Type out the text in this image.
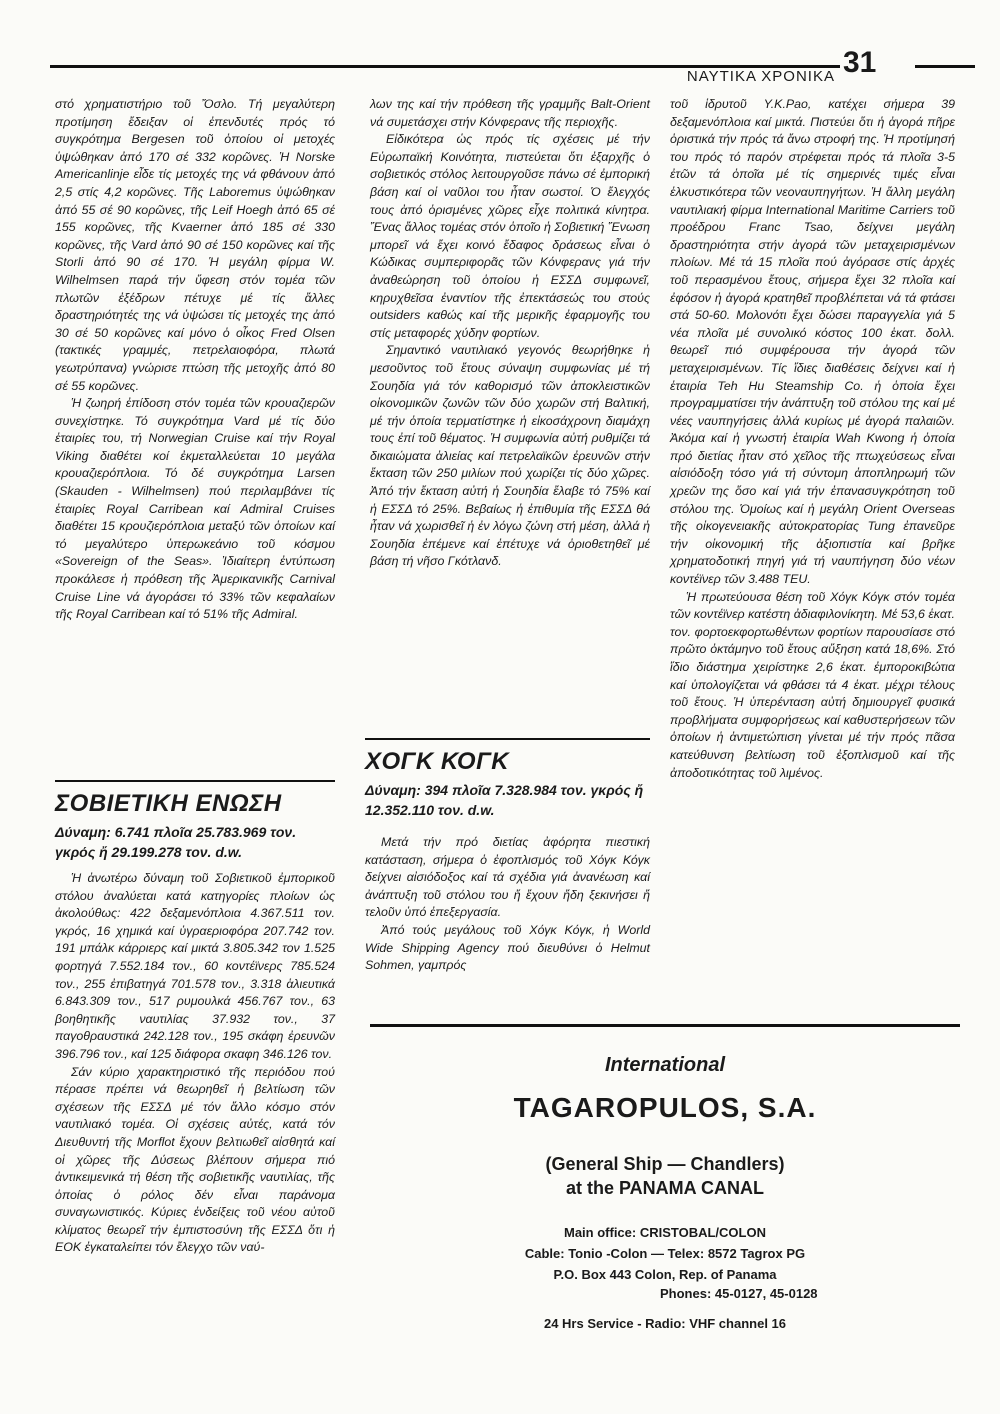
ΝΑΥΤΙΚΑ ΧΡΟΝΙΚΑ 31

στό χρηματιστήριο τοῦ Ὄσλο. Τή μεγαλύτερη προτίμηση ἔδειξαν οἱ ἐπενδυτές πρός τό συγκρότημα Bergesen τοῦ ὁποίου οἱ μετοχές ὑψώθηκαν ἀπό 170 σέ 332 κορῶνες. Ἡ Norske Americanlinje εἶδε τίς μετοχές της νά φθάνουν ἀπό 2,5 στίς 4,2 κορῶνες. Τῆς Laboremus ὑψώθηκαν ἀπό 55 σέ 90 κορῶνες, τῆς Leif Hoegh ἀπό 65 σέ 155 κορῶνες, τῆς Kvaerner ἀπό 185 σέ 330 κορῶνες, τῆς Vard ἀπό 90 σέ 150 κορῶνες καί τῆς Storli ἀπό 90 σέ 170. Ἡ μεγάλη φίρμα W. Wilhelmsen παρά τήν ὕφεση στόν τομέα τῶν πλωτῶν ἐξέδρων πέτυχε μέ τίς ἄλλες δραστηριότητές της νά ὑψώσει τίς μετοχές της ἀπό 30 σέ 50 κορῶνες καί μόνο ὁ οἶκος Fred Olsen (τακτικές γραμμές, πετρελαιοφόρα, πλωτά γεωτρύπανα) γνώρισε πτώση τῆς μετοχῆς ἀπό 80 σέ 55 κορῶνες.

Ἡ ζωηρή ἐπίδοση στόν τομέα τῶν κρουαζιερῶν συνεχίστηκε. Τό συγκρότημα Vard μέ τίς δύο ἑταιρίες του, τή Norwegian Cruise καί τήν Royal Viking διαθέτει κοί ἐκμεταλλεύεται 10 μεγάλα κρουαζιερόπλοια. Τό δέ συγκρότημα Larsen (Skauden - Wilhelmsen) πού περιλαμβάνει τίς ἑταιρίες Royal Carribean καί Admiral Cruises διαθέτει 15 κρουζιερόπλοια μεταξύ τῶν ὁποίων καί τό μεγαλύτερο ὑπερωκεάνιο τοῦ κόσμου «Sovereign of the Seas». Ἰδιαίτερη ἐντύπωση προκάλεσε ἡ πρόθεση τῆς Ἀμερικανικῆς Carnival Cruise Line νά ἀγοράσει τό 33% τῶν κεφαλαίων τῆς Royal Carribean καί τό 51% τῆς Admiral.

ΣΟΒΙΕΤΙΚΗ ΕΝΩΣΗ
Δύναμη: 6.741 πλοῖα 25.783.969 τον. γκρός ἤ 29.199.278 τον. d.w.

Ἡ ἀνωτέρω δύναμη τοῦ Σοβιετικοῦ ἐμπορικοῦ στόλου ἀναλύεται κατά κατηγορίες πλοίων ὡς ἀκολούθως: 422 δεξαμενόπλοια 4.367.511 τον. γκρός, 16 χημικά καί ὑγραεριοφόρα 207.742 τον. 191 μπάλκ κάρριερς καί μικτά 3.805.342 τον 1.525 φορτηγά 7.552.184 τον., 60 κοντέϊνερς 785.524 τον., 255 ἐπιβατηγά 701.578 τον., 3.318 ἁλιευτικά 6.843.309 τον., 517 ρυμουλκά 456.767 τον., 63 βοηθητικῆς ναυτιλίας 37.932 τον., 37 παγοθραυστικά 242.128 τον., 195 σκάφη ἐρευνῶν 396.796 τον., καί 125 διάφορα σκαφη 346.126 τον.

Σάν κύριο χαρακτηριστικό τῆς περιόδου πού πέρασε πρέπει νά θεωρηθεῖ ἡ βελτίωση τῶν σχέσεων τῆς ΕΣΣΔ μέ τόν ἄλλο κόσμο στόν ναυτιλιακό τομέα. Οἱ σχέσεις αὐτές, κατά τόν Διευθυντή τῆς Morflot ἔχουν βελτιωθεῖ αἰσθητά καί οἱ χῶρες τῆς Δύσεως βλέπουν σήμερα πιό ἀντικειμενικά τή θέση τῆς σοβιετικῆς ναυτιλίας, τῆς ὁποίας ὁ ρόλος δέν εἶναι παράνομα συναγωνιστικός. Κύριες ἐνδείξεις τοῦ νέου αὐτοῦ κλίματος θεωρεῖ τήν ἐμπιστοσύνη τῆς ΕΣΣΔ ὅτι ἡ ΕΟΚ ἐγκαταλείπει τόν ἔλεγχο τῶν ναύ-

λων της καί τήν πρόθεση τῆς γραμμῆς Balt-Orient νά συμετάσχει στήν Κόνφερανς τῆς περιοχῆς.

Εἰδικότερα ὡς πρός τίς σχέσεις μέ τήν Εὐρωπαϊκή Κοινότητα, πιστεύεται ὅτι ἐξαρχῆς ὁ σοβιετικός στόλος λειτουργοῦσε πάνω σέ ἐμπορική βάση καί οἱ ναῦλοι του ἦταν σωστοί. Ὁ ἔλεγχός τους ἀπό ὁρισμένες χῶρες εἶχε πολιτικά κίνητρα. Ἕνας ἄλλος τομέας στόν ὁποῖο ἡ Σοβιετική Ἕνωση μπορεῖ νά ἔχει κοινό ἔδαφος δράσεως εἶναι ὁ Κώδικας συμπεριφορᾶς τῶν Κόνφερανς γιά τήν ἀναθεώρηση τοῦ ὁποίου ἡ ΕΣΣΔ συμφωνεῖ, κηρυχθεῖσα ἐναντίον τῆς ἐπεκτάσεώς του στούς outsiders καθώς καί τῆς μερικῆς ἐφαρμογῆς του στίς μεταφορές χύδην φορτίων.

Σημαντικό ναυτιλιακό γεγονός θεωρήθηκε ἡ μεσοῦντος τοῦ ἔτους σύναψη συμφωνίας μέ τή Σουηδία γιά τόν καθορισμό τῶν ἀποκλειστικῶν οἰκονομικῶν ζωνῶν τῶν δύο χωρῶν στή Βαλτική, μέ τήν ὁποία τερματίστηκε ἡ εἰκοσάχρονη διαμάχη τους ἐπί τοῦ θέματος. Ἡ συμφωνία αὐτή ρυθμίζει τά δικαιώματα ἁλιείας καί πετρελαϊκῶν ἐρευνῶν στήν ἔκταση τῶν 250 μιλίων πού χωρίζει τίς δύο χῶρες. Ἀπό τήν ἔκταση αὐτή ἡ Σουηδία ἔλαβε τό 75% καί ἡ ΕΣΣΔ τό 25%. Βεβαίως ἡ ἐπιθυμία τῆς ΕΣΣΔ θά ἦταν νά χωρισθεῖ ἡ ἐν λόγω ζώνη στή μέση, ἀλλά ἡ Σουηδία ἐπέμενε καί ἐπέτυχε νά ὁριοθετηθεῖ μέ βάση τή νῆσο Γκότλανδ.

ΧΟΓΚ ΚΟΓΚ
Δύναμη: 394 πλοῖα 7.328.984 τον. γκρός ἤ 12.352.110 τον. d.w.

Μετά τήν πρό διετίας ἀφόρητα πιεστική κατάσταση, σήμερα ὁ ἐφοπλισμός τοῦ Χόγκ Κόγκ δείχνει αἰσιόδοξος καί τά σχέδια γιά ἀνανέωση καί ἀνάπτυξη τοῦ στόλου του ἤ ἔχουν ἤδη ξεκινήσει ἤ τελοῦν ὑπό ἐπεξεργασία.

Ἀπό τούς μεγάλους τοῦ Χόγκ Κόγκ, ἡ World Wide Shipping Agency πού διευθύνει ὁ Helmut Sohmen, γαμπρός

τοῦ ἱδρυτοῦ Υ.Κ.Pao, κατέχει σήμερα 39 δεξαμενόπλοια καί μικτά. Πιστεύει ὅτι ἡ ἀγορά πῆρε ὁριστικά τήν πρός τά ἄνω στροφή της. Ἡ προτίμησή του πρός τό παρόν στρέφεται πρός τά πλοῖα 3-5 ἐτῶν τά ὁποῖα μέ τίς σημερινές τιμές εἶναι ἑλκυστικότερα τῶν νεοναυπηγήτων. Ἡ ἄλλη μεγάλη ναυτιλιακή φίρμα International Maritime Carriers τοῦ προέδρου Franc Tsao, δείχνει μεγάλη δραστηριότητα στήν ἀγορά τῶν μεταχειρισμένων πλοίων. Μέ τά 15 πλοῖα πού ἀγόρασε στίς ἀρχές τοῦ περασμένου ἔτους, σήμερα ἔχει 32 πλοῖα καί ἐφόσον ἡ ἀγορά κρατηθεῖ προβλέπεται νά τά φτάσει στά 50-60. Μολονότι ἔχει δώσει παραγγελία γιά 5 νέα πλοῖα μέ συνολικό κόστος 100 ἑκατ. δολλ. θεωρεῖ πιό συμφέρουσα τήν ἀγορά τῶν μεταχειρισμένων. Τίς ἴδιες διαθέσεις δείχνει καί ἡ ἑταιρία Teh Hu Steamship Co. ἡ ὁποία ἔχει προγραμματίσει τήν ἀνάπτυξη τοῦ στόλου της καί μέ νέες ναυπηγήσεις ἀλλά κυρίως μέ ἀγορά παλαιῶν. Ἀκόμα καί ἡ γνωστή ἑταιρία Wah Kwong ἡ ὁποία πρό διετίας ἦταν στό χεῖλος τῆς πτωχεύσεως εἶναι αἰσιόδοξη τόσο γιά τή σύντομη ἀποπληρωμή τῶν χρεῶν της ὅσο καί γιά τήν ἐπανασυγκρότηση τοῦ στόλου της. Ὁμοίως καί ἡ μεγάλη Orient Overseas τῆς οἰκογενειακῆς αὐτοκρατορίας Tung ἐπανεῦρε τήν οἰκονομική τῆς ἀξιοπιστία καί βρῆκε χρηματοδοτική πηγή γιά τή ναυπήγηση δύο νέων κοντέϊνερ τῶν 3.488 TEU.

Ἡ πρωτεύουσα θέση τοῦ Χόγκ Κόγκ στόν τομέα τῶν κοντέϊνερ κατέστη ἀδιαφιλονίκητη. Μέ 53,6 ἑκατ. τον. φορτοεκφορτωθέντων φορτίων παρουσίασε στό πρῶτο ὀκτάμηνο τοῦ ἔτους αὔξηση κατά 18,6%. Στό ἴδιο διάστημα χειρίστηκε 2,6 ἑκατ. ἐμποροκιβώτια καί ὑπολογίζεται νά φθάσει τά 4 ἑκατ. μέχρι τέλους τοῦ ἔτους. Ἡ ὑπερένταση αὐτή δημιουργεῖ φυσικά προβλήματα συμφορήσεως καί καθυστερήσεων τῶν ὁποίων ἡ ἀντιμετώπιση γίνεται μέ τήν πρός πᾶσα κατεύθυνση βελτίωση τοῦ ἐξοπλισμοῦ καί τῆς ἀποδοτικότητας τοῦ λιμένος.

International
TAGAROPULOS, S.A.
(General Ship — Chandlers)
at the PANAMA CANAL
Main office: CRISTOBAL/COLON
Cable: Tonio -Colon — Telex: 8572 Tagrox PG
P.O. Box 443 Colon, Rep. of Panama
Phones: 45-0127, 45-0128
24 Hrs Service - Radio: VHF channel 16
